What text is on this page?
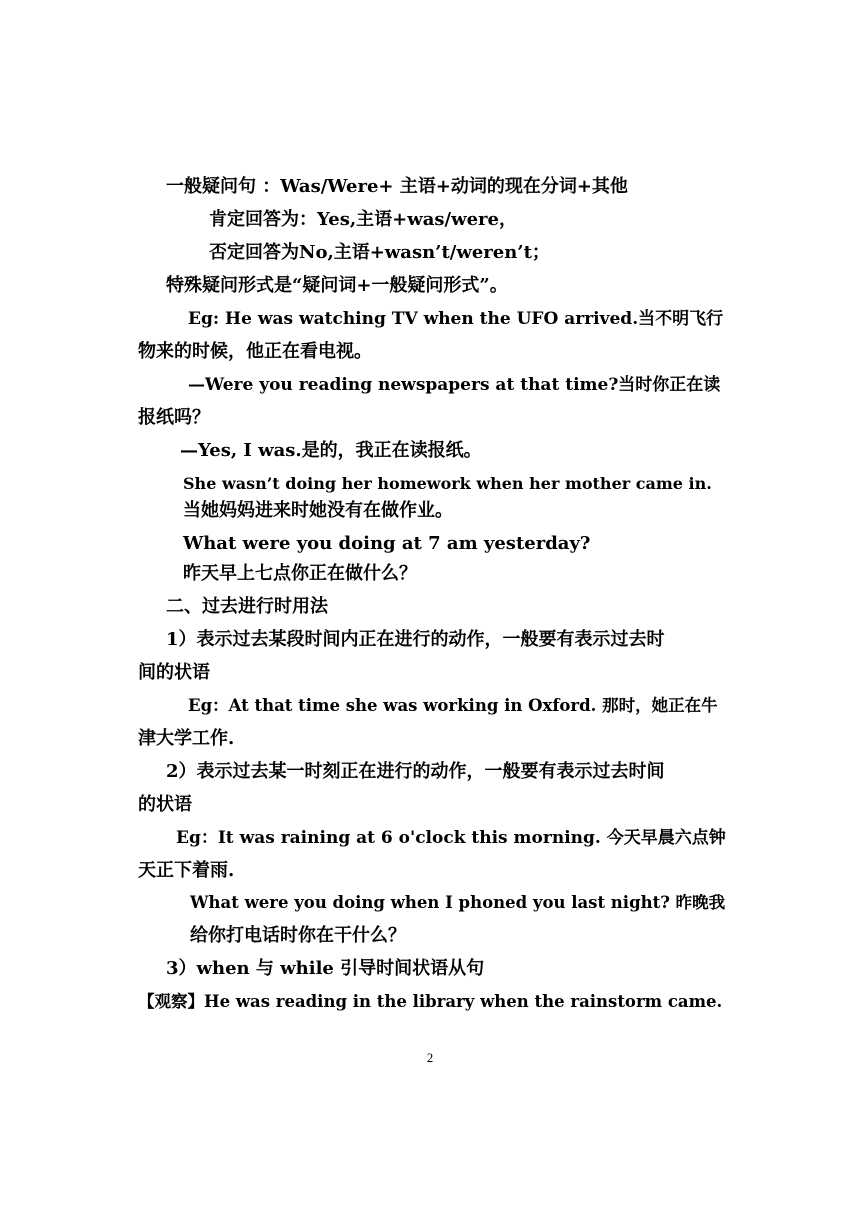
一般疑问句 ：Was/Were+ 主语+动词的现在分词+其他
肯定回答为：Yes,主语+was/were，
否定回答为No,主语+wasn’t/weren’t；
特殊疑问形式是“疑问词+一般疑问形式”。
Eg: He was watching TV when the UFO arrived.当不明飞行
物来的时候，他正在看电视。
—Were you reading newspapers at that time?当时你正在读
报纸吗？
—Yes, I was.是的，我正在读报纸。
She wasn’t doing her homework when her mother came in.
当她妈妈进来时她没有在做作业。
What were you doing at 7 am yesterday?
昨天早上七点你正在做什么？
二、过去进行时用法
1）表示过去某段时间内正在进行的动作，一般要有表示过去时
间的状语
Eg：At that time she was working in Oxford. 那时，她正在牛
津大学工作.
2）表示过去某一时刻正在进行的动作，一般要有表示过去时间
的状语
Eg：It was raining at 6 o'clock this morning. 今天早晨六点钟
天正下着雨.
What were you doing when I phoned you last night? 昨晚我
给你打电话时你在干什么？
3）when 与 while 引导时间状语从句
【观察】He was reading in the library when the rainstorm came.
2
